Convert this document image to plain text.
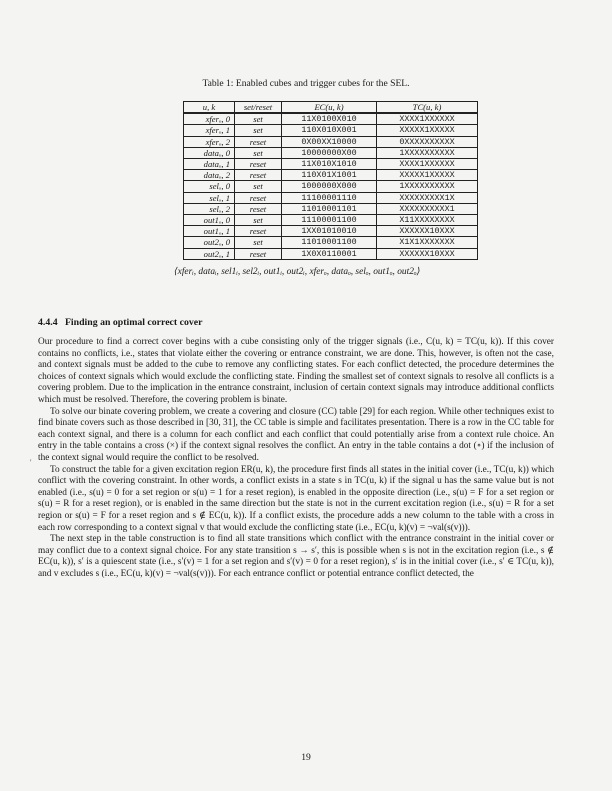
Table 1: Enabled cubes and trigger cubes for the SEL.
u, k	set/reset	EC(u, k)	TC(u, k)
xferₒ, 0	set	11X0100X010	XXXX1XXXXXX
xferₒ, 1	set	110X010X001	XXXXX1XXXXX
xferₒ, 2	reset	0X00XX10000	0XXXXXXXXXX
dataₒ, 0	set	10000000X00	1XXXXXXXXXX
dataₒ, 1	reset	11X010X1010	XXXX1XXXXXX
dataₒ, 2	reset	110X01X1001	XXXXX1XXXXX
selₒ, 0	set	1000000X000	1XXXXXXXXXX
selₒ, 1	reset	11100001110	XXXXXXXXX1X
selₒ, 2	reset	11010001101	XXXXXXXXXX1
out1ₒ, 0	set	11100001100	X11XXXXXXXX
out1ₒ, 1	reset	1XX01010010	XXXXXX10XXX
out2ₒ, 0	set	11010001100	X1X1XXXXXXX
out2ₒ, 1	reset	1X0X0110001	XXXXXX10XXX
⟨xferᵢ, dataᵢ, sel1ᵢ, sel2ᵢ, out1ᵢ, out2ᵢ, xferₒ, dataₒ, selₒ, out1ₒ, out2ₒ⟩
4.4.4 Finding an optimal correct cover
'

Our procedure to find a correct cover begins with a cube consisting only of the trigger signals (i.e., C(u, k) = TC(u, k)). If this cover contains no conflicts, i.e., states that violate either the covering or entrance constraint, we are done. This, however, is often not the case, and context signals must be added to the cube to remove any conflicting states. For each conflict detected, the procedure determines the choices of context signals which would exclude the conflicting state. Finding the smallest set of context signals to resolve all conflicts is a covering problem. Due to the implication in the entrance constraint, inclusion of certain context signals may introduce additional conflicts which must be resolved. Therefore, the covering problem is binate.

To solve our binate covering problem, we create a covering and closure (CC) table [29] for each region. While other techniques exist to find binate covers such as those described in [30, 31], the CC table is simple and facilitates presentation. There is a row in the CC table for each context signal, and there is a column for each conflict and each conflict that could potentially arise from a context rule choice. An entry in the table contains a cross (×) if the context signal resolves the conflict. An entry in the table contains a dot (∘) if the inclusion of the context signal would require the conflict to be resolved.

To construct the table for a given excitation region ER(u, k), the procedure first finds all states in the initial cover (i.e., TC(u, k)) which conflict with the covering constraint. In other words, a conflict exists in a state s in TC(u, k) if the signal u has the same value but is not enabled (i.e., s(u) = 0 for a set region or s(u) = 1 for a reset region), is enabled in the opposite direction (i.e., s(u) = F for a set region or s(u) = R for a reset region), or is enabled in the same direction but the state is not in the current excitation region (i.e., s(u) = R for a set region or s(u) = F for a reset region and s ∉ EC(u, k)). If a conflict exists, the procedure adds a new column to the table with a cross in each row corresponding to a context signal v that would exclude the conflicting state (i.e., EC(u, k)(v) = ¬val(s(v))).

The next step in the table construction is to find all state transitions which conflict with the entrance constraint in the initial cover or may conflict due to a context signal choice. For any state transition s → s′, this is possible when s is not in the excitation region (i.e., s ∉ EC(u, k)), s′ is a quiescent state (i.e., s′(v) = 1 for a set region and s′(v) = 0 for a reset region), s′ is in the initial cover (i.e., s′ ∈ TC(u, k)), and v excludes s (i.e., EC(u, k)(v) = ¬val(s(v))). For each entrance conflict or potential entrance conflict detected, the

19
